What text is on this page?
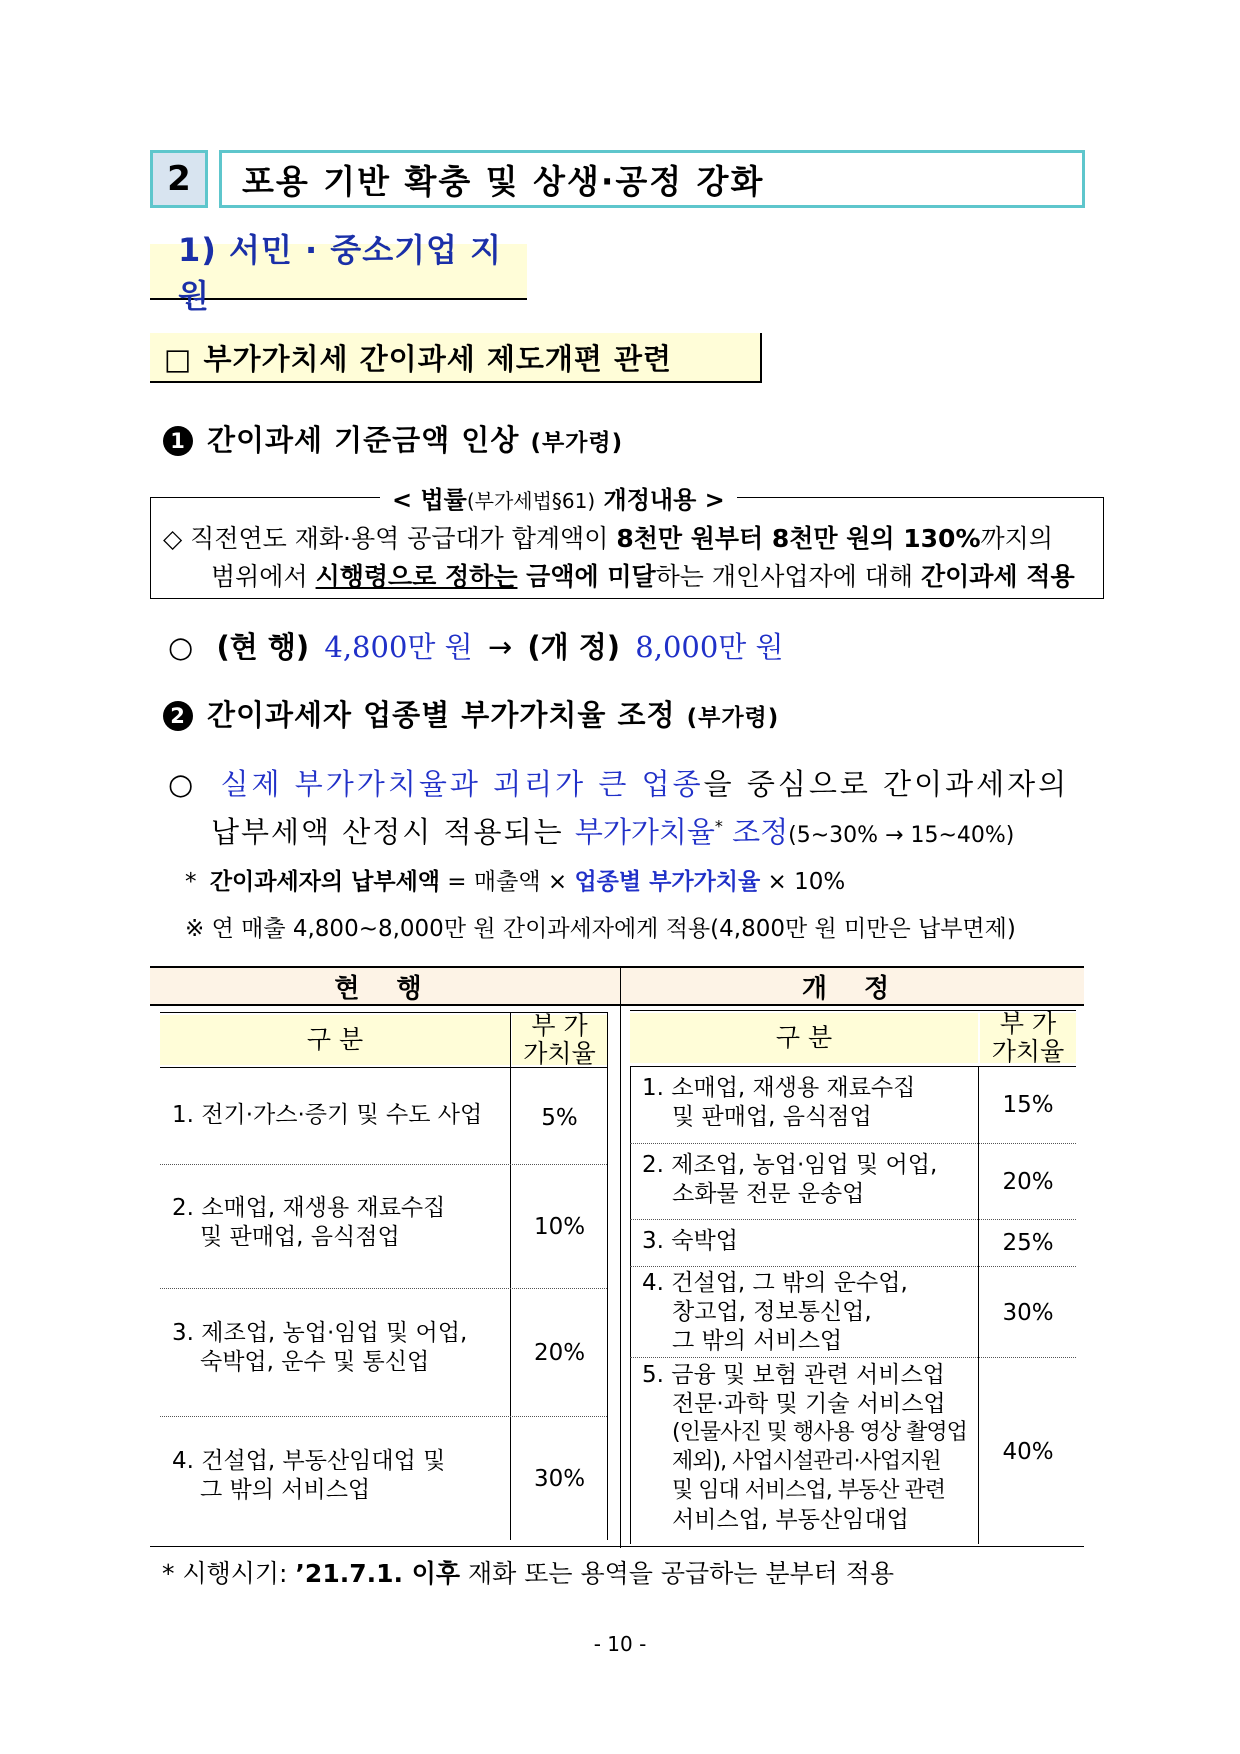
2	포용 기반 확충 및 상생·공정 강화
1) 서민 · 중소기업 지원
□ 부가가치세 간이과세 제도개편 관련
1 간이과세 기준금액 인상 (부가령)
< 법률(부가세법§61) 개정내용 >
◇ 직전연도 재화·용역 공급대가 합계액이 8천만 원부터 8천만 원의 130%까지의
범위에서 시행령으로 정하는 금액에 미달하는 개인사업자에 대해 간이과세 적용
○ (현 행) 4,800만 원 → (개 정) 8,000만 원
2 간이과세자 업종별 부가가치율 조정 (부가령)
○ 실제 부가가치율과 괴리가 큰 업종을 중심으로 간이과세자의
납부세액 산정시 적용되는 부가가치율* 조정(5~30% → 15~40%)
* 간이과세자의 납부세액 = 매출액 × 업종별 부가가치율 × 10%
※ 연 매출 4,800~8,000만 원 간이과세자에게 적용(4,800만 원 미만은 납부면제)
현 행	개 정
구 분	부 가
가치율
1. 전기·가스·증기 및 수도 사업	5%
2. 소매업, 재생용 재료수집
및 판매업, 음식점업	10%
3. 제조업, 농업·임업 및 어업,
숙박업, 운수 및 통신업	20%
4. 건설업, 부동산임대업 및
그 밖의 서비스업	30%
구 분	부 가
가치율
1. 소매업, 재생용 재료수집
및 판매업, 음식점업	15%
2. 제조업, 농업·임업 및 어업,
소화물 전문 운송업	20%
3. 숙박업	25%
4. 건설업, 그 밖의 운수업,
창고업, 정보통신업,
그 밖의 서비스업
30%
5. 금융 및 보험 관련 서비스업
전문·과학 및 기술 서비스업
(인물사진 및 행사용 영상 촬영업
제외), 사업시설관리·사업지원
및 임대 서비스업, 부동산 관련
서비스업, 부동산임대업
40%
* 시행시기: ’21.7.1. 이후 재화 또는 용역을 공급하는 분부터 적용
- 10 -
